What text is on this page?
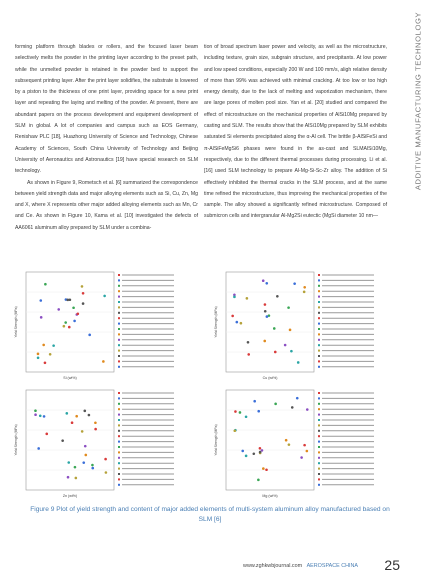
ADDITIVE MANUFACTURING TECHNOLOGY

forming platform through blades or rollers, and the focused laser beam selectively melts the powder in the printing layer according to the preset path, while the unmelted powder is retained in the powder bed to support the subsequent printing layer. After the print layer solidifies, the substrate is lowered by a piston to the thickness of one print layer, providing space for a new print layer and repeating the laying and melting of the powder. At present, there are abundant papers on the process development and equipment development of SLM in global. A lot of companies and campus such as EOS Germany, Renishaw PLC [18], Huazhong University of Science and Technology, Chinese Academy of Sciences, South China University of Technology and Beijing University of Aeronautics and Astronautics [19] have special research on SLM technology.

As shown in Figure 9, Rometsch et al. [6] summarized the correspondence between yield strength data and major alloying elements such as Si, Cu, Zn, Mg and X, where X represents other major added alloying elements such as Mn, Cr and Ce. As shown in Figure 10, Kama et al. [10] investigated the defects of AA6061 aluminum alloy prepared by SLM under a combina-

tion of broad spectrum laser power and velocity, as well as the microstructure, including texture, grain size, subgrain structure, and precipitants. At low power and low speed conditions, especially 200 W and 100 mm/s, aligh relative density of more than 99% was achieved with minimal cracking. At too low or too high energy density, due to the lack of melting and vaporization mechanism, there are large pores of molten pool size. Yan et al. [20] studied and compared the effect of microstructure on the mechanical properties of AlSi10Mg prepared by casting and SLM. The results show that the AlSi10Mg prepared by SLM exhibits saturated Si elements precipitated along the α-Al cell. The brittle β-AlSiFeSi and π-AlSiFeMgSi6 phases were found in the as-cast and SLMAlSi10Mg, respectively, due to the different thermal processes during processing. Li et al. [16] used SLM technology to prepare Al-Mg-Si-Sc-Zr alloy. The addition of Si effectively inhibited the thermal cracks in the SLM process, and at the same time refined the microstructure, thus improving the mechanical properties of the sample. The alloy showed a significantly refined microstructure. Composed of submicron cells and intergranular Al-Mg2Si eutectic (MgSi diameter 10 nm—

Si (wt%)
Yield Strength (MPa)
Cu (wt%)
Yield Strength (MPa)
Zn (wt%)
Yield Strength (MPa)
Mg (wt%)
Yield Strength (MPa)
Figure 9 Plot of yield strength and content of major added elements of multi-system aluminum alloy manufactured based on SLM [6]
www.zghkwbjournal.com AEROSPACE CHINA 25
